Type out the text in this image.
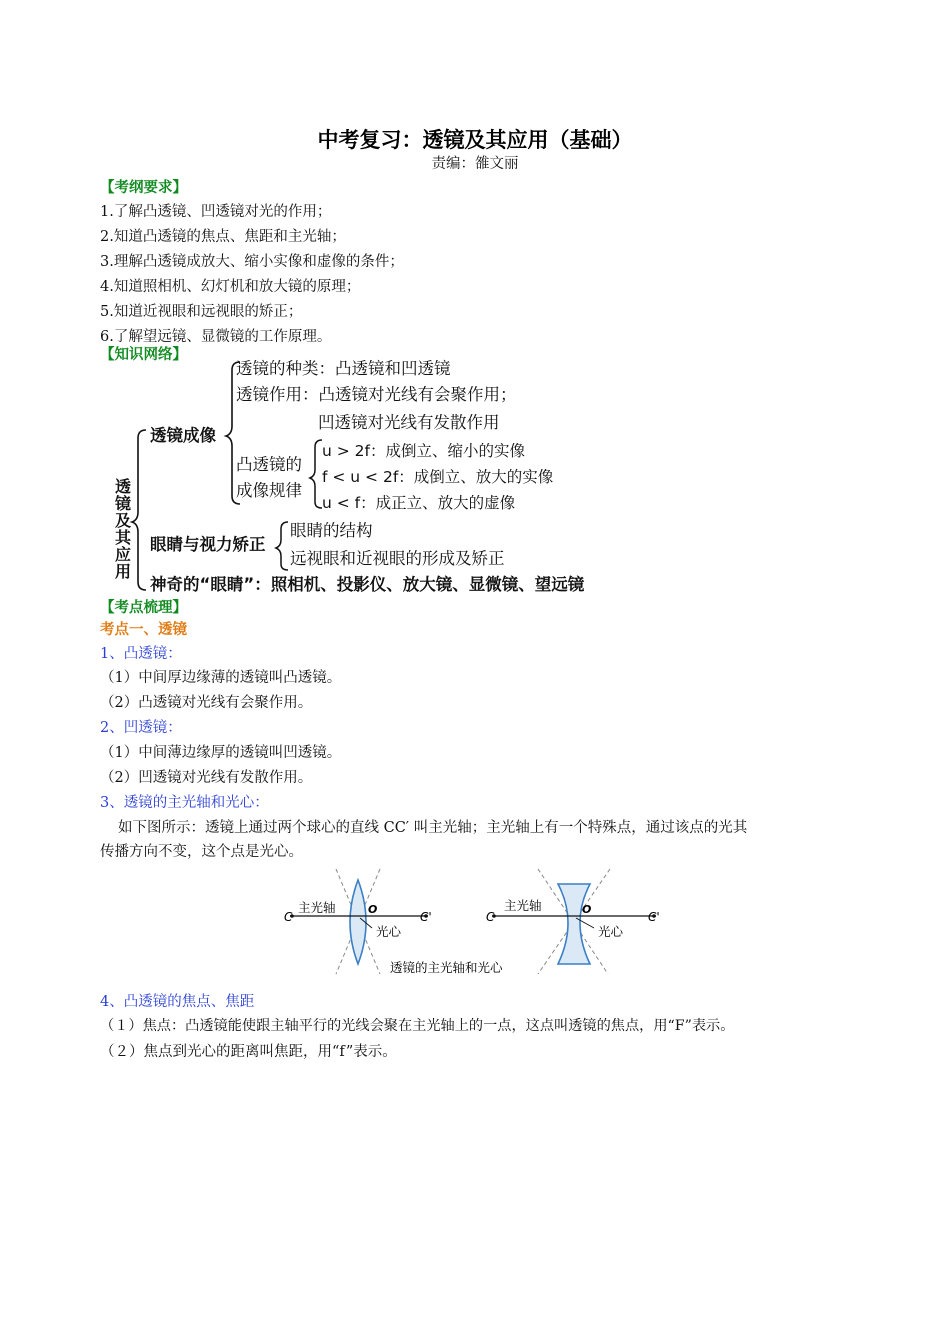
中考复习：透镜及其应用（基础）
责编：雒文丽
【考纲要求】
1.了解凸透镜、凹透镜对光的作用；
2.知道凸透镜的焦点、焦距和主光轴；
3.理解凸透镜成放大、缩小实像和虚像的条件；
4.知道照相机、幻灯机和放大镜的原理；
5.知道近视眼和远视眼的矫正；
6.了解望远镜、显微镜的工作原理。
【知识网络】
透镜及其应用
透镜成像
眼睛与视力矫正
神奇的“眼睛”：照相机、投影仪、放大镜、显微镜、望远镜
透镜的种类：凸透镜和凹透镜
透镜作用：凸透镜对光线有会聚作用；
凹透镜对光线有发散作用
凸透镜的
成像规律
u > 2f：成倒立、缩小的实像
f < u < 2f：成倒立、放大的实像
u < f：成正立、放大的虚像
眼睛的结构
远视眼和近视眼的形成及矫正
【考点梳理】
考点一、透镜
1、凸透镜：
（1）中间厚边缘薄的透镜叫凸透镜。
（2）凸透镜对光线有会聚作用。
2、凹透镜：
（1）中间薄边缘厚的透镜叫凹透镜。
（2）凹透镜对光线有发散作用。
3、透镜的主光轴和光心：
如下图所示：透镜上通过两个球心的直线 CC′ 叫主光轴；主光轴上有一个特殊点，通过该点的光其
传播方向不变，这个点是光心。
C	C'
主光轴	O
光心
C	C'
主光轴	O
光心
透镜的主光轴和光心
4、凸透镜的焦点、焦距
（１）焦点：凸透镜能使跟主轴平行的光线会聚在主光轴上的一点，这点叫透镜的焦点，用“F”表示。
（２）焦点到光心的距离叫焦距，用“f”表示。
